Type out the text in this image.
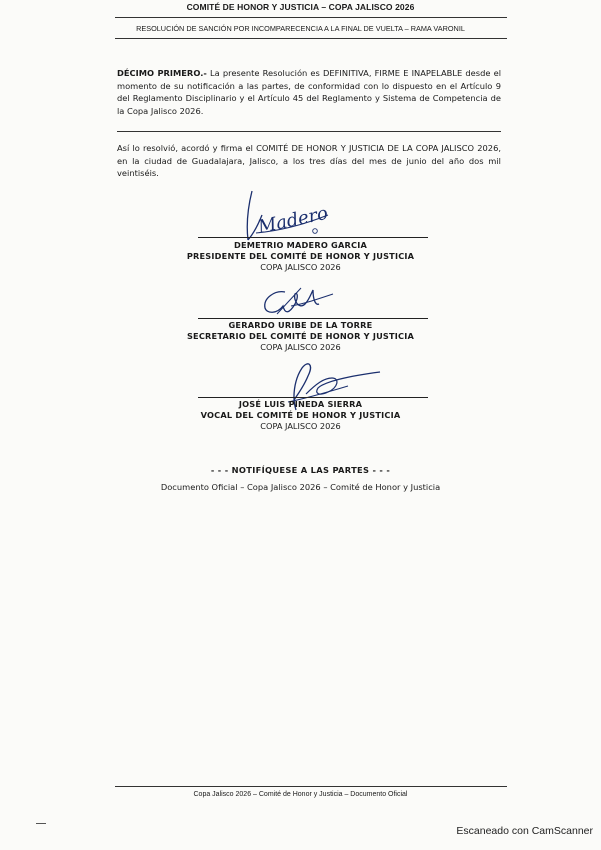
COMITÉ DE HONOR Y JUSTICIA – COPA JALISCO 2026
RESOLUCIÓN DE SANCIÓN POR INCOMPARECENCIA A LA FINAL DE VUELTA – RAMA VARONIL
DÉCIMO PRIMERO.- La presente Resolución es DEFINITIVA, FIRME E INAPELABLE desde el momento de su notificación a las partes, de conformidad con lo dispuesto en el Artículo 9 del Reglamento Disciplinario y el Artículo 45 del Reglamento y Sistema de Competencia de la Copa Jalisco 2026.
Así lo resolvió, acordó y firma el COMITÉ DE HONOR Y JUSTICIA DE LA COPA JALISCO 2026, en la ciudad de Guadalajara, Jalisco, a los tres días del mes de junio del año dos mil veintiséis.
Madero
DEMETRIO MADERO GARCIA
PRESIDENTE DEL COMITÉ DE HONOR Y JUSTICIA
COPA JALISCO 2026
GERARDO URIBE DE LA TORRE
SECRETARIO DEL COMITÉ DE HONOR Y JUSTICIA
COPA JALISCO 2026
JOSÉ LUIS PINEDA SIERRA
VOCAL DEL COMITÉ DE HONOR Y JUSTICIA
COPA JALISCO 2026
- - - NOTIFÍQUESE A LAS PARTES - - -
Documento Oficial – Copa Jalisco 2026 – Comité de Honor y Justicia
Copa Jalisco 2026 – Comité de Honor y Justicia – Documento Oficial
Escaneado con CamScanner
